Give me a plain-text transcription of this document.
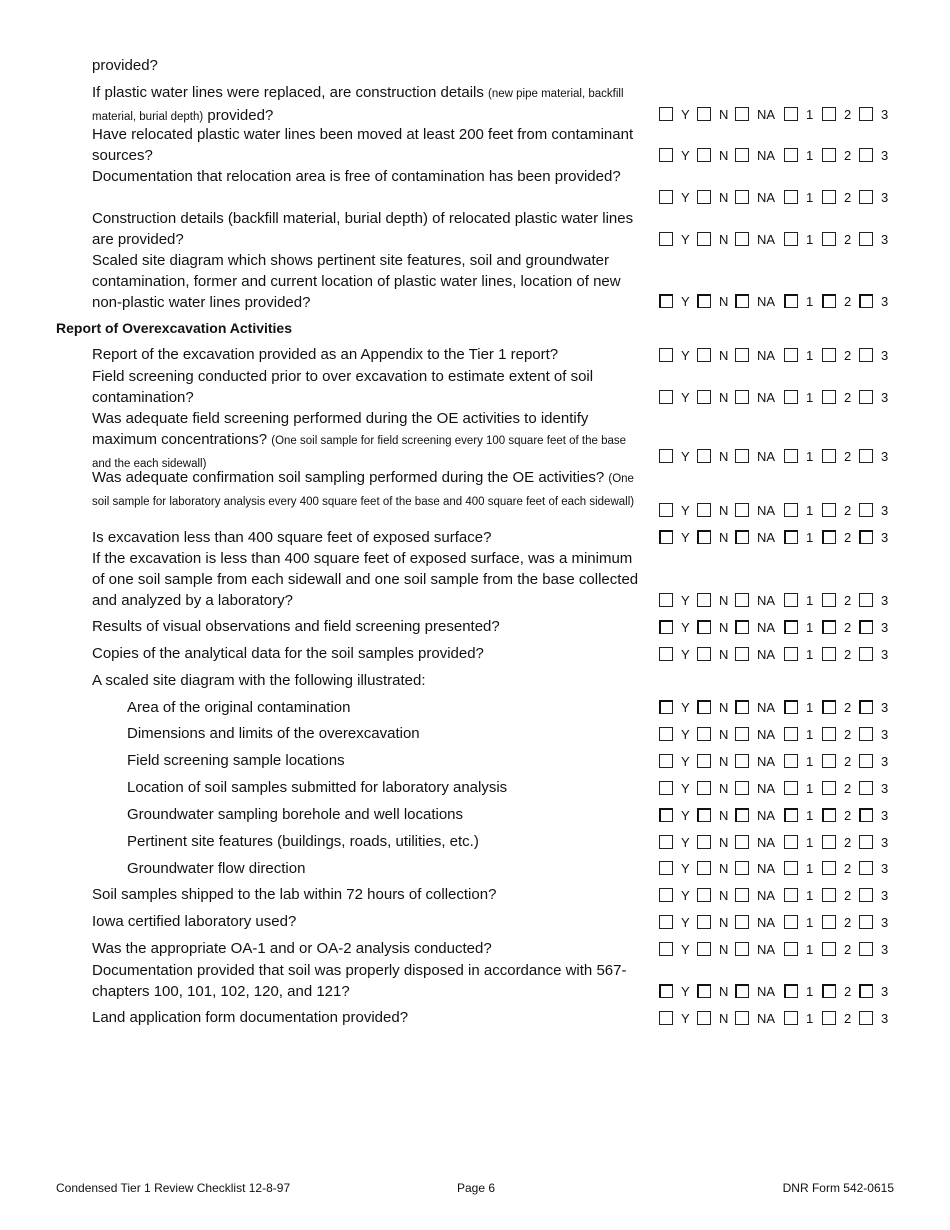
provided?
If plastic water lines were replaced, are construction details (new pipe material, backfill material, burial depth) provided?	Y N NA 1 2 3
Have relocated plastic water lines been moved at least 200 feet from contaminant sources?	Y N NA 1 2 3
Documentation that relocation area is free of contamination has been provided?
Y N NA 1 2 3
Construction details (backfill material, burial depth) of relocated plastic water lines are provided?	Y N NA 1 2 3
Scaled site diagram which shows pertinent site features, soil and groundwater contamination, former and current location of plastic water lines, location of new non-plastic water lines provided?	Y N NA 1 2 3
Report of Overexcavation Activities
Report of the excavation provided as an Appendix to the Tier 1 report?	Y N NA 1 2 3
Field screening conducted prior to over excavation to estimate extent of soil contamination?	Y N NA 1 2 3
Was adequate field screening performed during the OE activities to identify maximum concentrations? (One soil sample for field screening every 100 square feet of the base and the each sidewall)	Y N NA 1 2 3
Was adequate confirmation soil sampling performed during the OE activities? (One soil sample for laboratory analysis every 400 square feet of the base and 400 square feet of each sidewall)
Y N NA 1 2 3
Is excavation less than 400 square feet of exposed surface?	Y N NA 1 2 3
If the excavation is less than 400 square feet of exposed surface, was a minimum of one soil sample from each sidewall and one soil sample from the base collected and analyzed by a laboratory?	Y N NA 1 2 3
Results of visual observations and field screening presented?	Y N NA 1 2 3
Copies of the analytical data for the soil samples provided?	Y N NA 1 2 3
A scaled site diagram with the following illustrated:
Area of the original contamination	Y N NA 1 2 3
Dimensions and limits of the overexcavation	Y N NA 1 2 3
Field screening sample locations	Y N NA 1 2 3
Location of soil samples submitted for laboratory analysis	Y N NA 1 2 3
Groundwater sampling borehole and well locations	Y N NA 1 2 3
Pertinent site features (buildings, roads, utilities, etc.)	Y N NA 1 2 3
Groundwater flow direction	Y N NA 1 2 3
Soil samples shipped to the lab within 72 hours of collection?	Y N NA 1 2 3
Iowa certified laboratory used?	Y N NA 1 2 3
Was the appropriate OA-1 and or OA-2 analysis conducted?	Y N NA 1 2 3
Documentation provided that soil was properly disposed in accordance with 567-chapters 100, 101, 102, 120, and 121?	Y N NA 1 2 3
Land application form documentation provided?	Y N NA 1 2 3
Condensed Tier 1 Review Checklist 12-8-97	Page 6	DNR Form 542-0615
